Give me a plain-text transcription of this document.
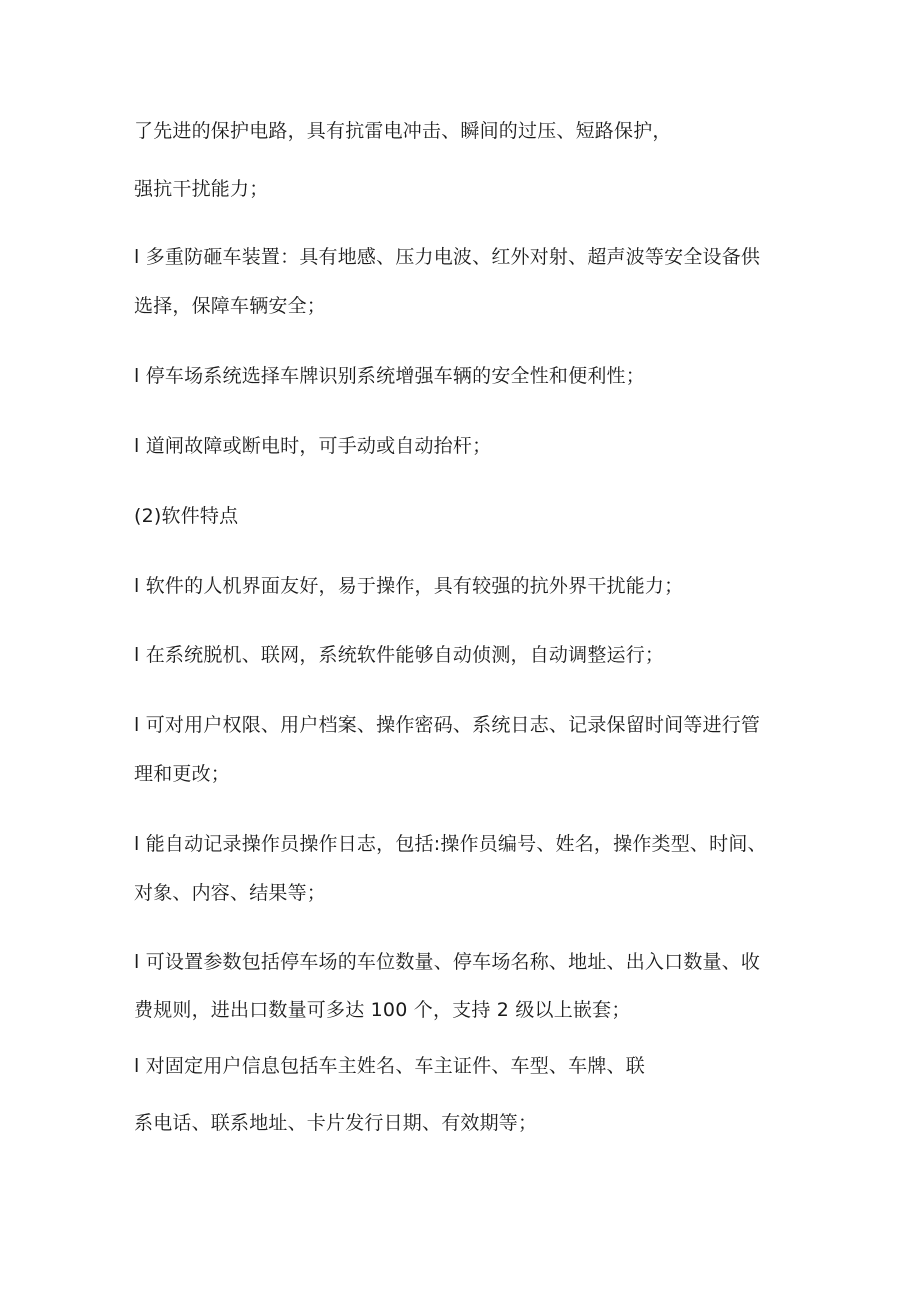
了先进的保护电路，具有抗雷电冲击、瞬间的过压、短路保护，
强抗干扰能力；
l 多重防砸车装置：具有地感、压力电波、红外对射、超声波等安全设备供
选择，保障车辆安全；
l 停车场系统选择车牌识别系统增强车辆的安全性和便利性；
l 道闸故障或断电时，可手动或自动抬杆；
(2)软件特点
l 软件的人机界面友好，易于操作，具有较强的抗外界干扰能力；
l 在系统脱机、联网，系统软件能够自动侦测，自动调整运行；
l 可对用户权限、用户档案、操作密码、系统日志、记录保留时间等进行管
理和更改；
l 能自动记录操作员操作日志，包括:操作员编号、姓名，操作类型、时间、
对象、内容、结果等；
l 可设置参数包括停车场的车位数量、停车场名称、地址、出入口数量、收
费规则，进出口数量可多达 100 个，支持 2 级以上嵌套；
l 对固定用户信息包括车主姓名、车主证件、车型、车牌、联
系电话、联系地址、卡片发行日期、有效期等；
